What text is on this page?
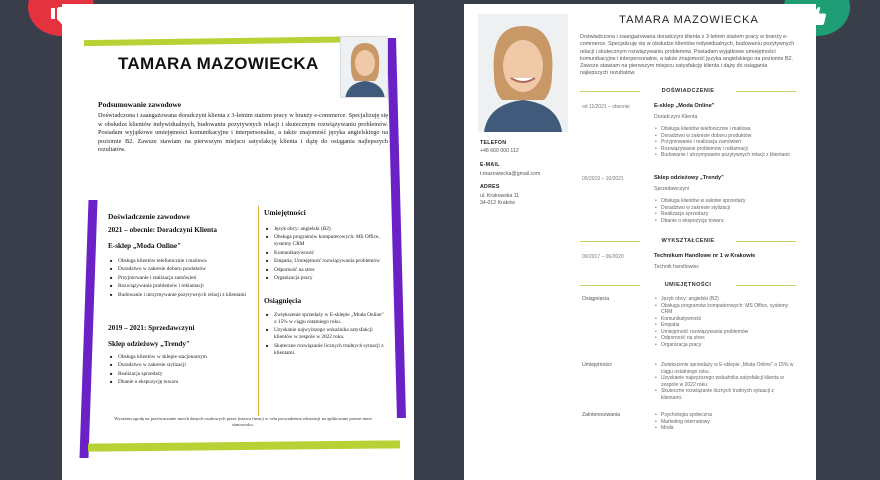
TAMARA MAZOWIECKA
Podsumowanie zawodowe
Doświadczona i zaangażowana doradczyni klienta z 3-letnim stażem pracy w branży e-commerce. Specjalizuję się w obsłudze klientów indywidualnych, budowaniu pozytywnych relacji i skutecznym rozwiązywaniu problemów. Posiadam wyjątkowe umiejętności komunikacyjne i interpersonalne, a także znajomość języka angielskiego na poziomie B2. Zawsze stawiam na pierwszym miejscu satysfakcję klienta i dążę do osiągania najlepszych rezultatów.
Doświadczenie zawodowe
2021 – obecnie: Doradczyni Klienta
E-sklep „Moda Online"
■ Obsługa klientów telefonicznie i mailowa
■ Doradztwo w zakresie doboru produktów
■ Przyjmowanie i realizacja zamówień
■ Rozwiązywanie problemów i reklamacji
■ Budowanie i utrzymywanie pozytywnych relacji z klientami
2019 – 2021: Sprzedawczyni
Sklep odzieżowy „Trendy"
■ Obsługa klientów w sklepie stacjonarnym
■ Doradztwo w zakresie stylizacji
■ Realizacja sprzedaży
■ Dbanie o ekspozycję towaru
Umiejętności
■ Język obcy: angielski (B2)
■ Obsługa programów komputerowych: MS Office, systemy CRM
■ Komunikatywność
■ Empatia, Umiejętność rozwiązywania problemów
■ Odporność na stres
■ Organizacja pracy
Osiągnięcia
■ Zwiększenie sprzedaży w E-sklepie „Moda Online" o 15% w ciągu ostatniego roku.
■ Uzyskanie najwyższego wskaźnika satysfakcji klientów w zespole w 2022 roku.
■ Skuteczne rozwiązanie licznych trudnych sytuacji z klientami.
Wyrażam zgodę na przetwarzanie moich danych osobowych przez (nazwa firmy) w celu prowadzenia rekrutacji na aplikowane przeze mnie stanowisko.
TAMARA MAZOWIECKA
Doświadczona i zaangażowana doradczyni klienta z 3-letnim stażem pracy w branży e-commerce. Specjalizuję się w obsłudze klientów indywidualnych, budowaniu pozytywnych relacji i skutecznym rozwiązywaniu problemów. Posiadam wyjątkowe umiejętności komunikacyjne i interpersonalne, a także znajomość języka angielskiego na poziomie B2. Zawsze stawiam na pierwszym miejscu satysfakcję klienta i dążę do osiągania najlepszych rezultatów.
TELEFON
+48 660 000 112
E-MAIL
t.mazowiecka@gmail.com
ADRES
ul. Krakowska 11
34-012 Kraków
DOŚWIADCZENIE
od 11/2021 – obecnie	E-sklep „Moda Online"
Doradczyni Klienta
• Obsługa klientów telefonicznie i mailowa
• Doradztwo w zakresie doboru produktów
• Przyjmowanie i realizacja zamówień
• Rozwiązywanie problemów i reklamacji
• Budowanie i utrzymywanie pozytywnych relacji z klientami
05/2019 – 10/2021	Sklep odzieżowy „Trendy"
Sprzedawczyni
• Obsługa klientów w salonie sprzedaży
• Doradztwo w zakresie stylizacji
• Realizacja sprzedaży
• Dbanie o ekspozycję towaru
WYKSZTAŁCENIE
09/2017 – 06/2020	Technikum Handlowe nr 1 w Krakowie
Technik handlowiec
UMIEJĘTNOŚCI
Osiągnięcia	• Język obcy: angielski (B2)
• Obsługa programów komputerowych: MS Office, systemy CRM
• Komunikatywność
• Empatia
• Umiejętność rozwiązywania problemów
• Odporność na stres
• Organizacja pracy
Umiejętności	• Zwiększenie sprzedaży w E-sklepie „Moda Online" o 15% w ciągu ostatniego roku.
• Uzyskanie najwyższego wskaźnika satysfakcji klienta w zespole w 2022 roku.
• Skuteczne rozwiązanie licznych trudnych sytuacji z klientami.
Zainteresowania	• Psychologia społeczna
• Marketing internetowy
• Moda
